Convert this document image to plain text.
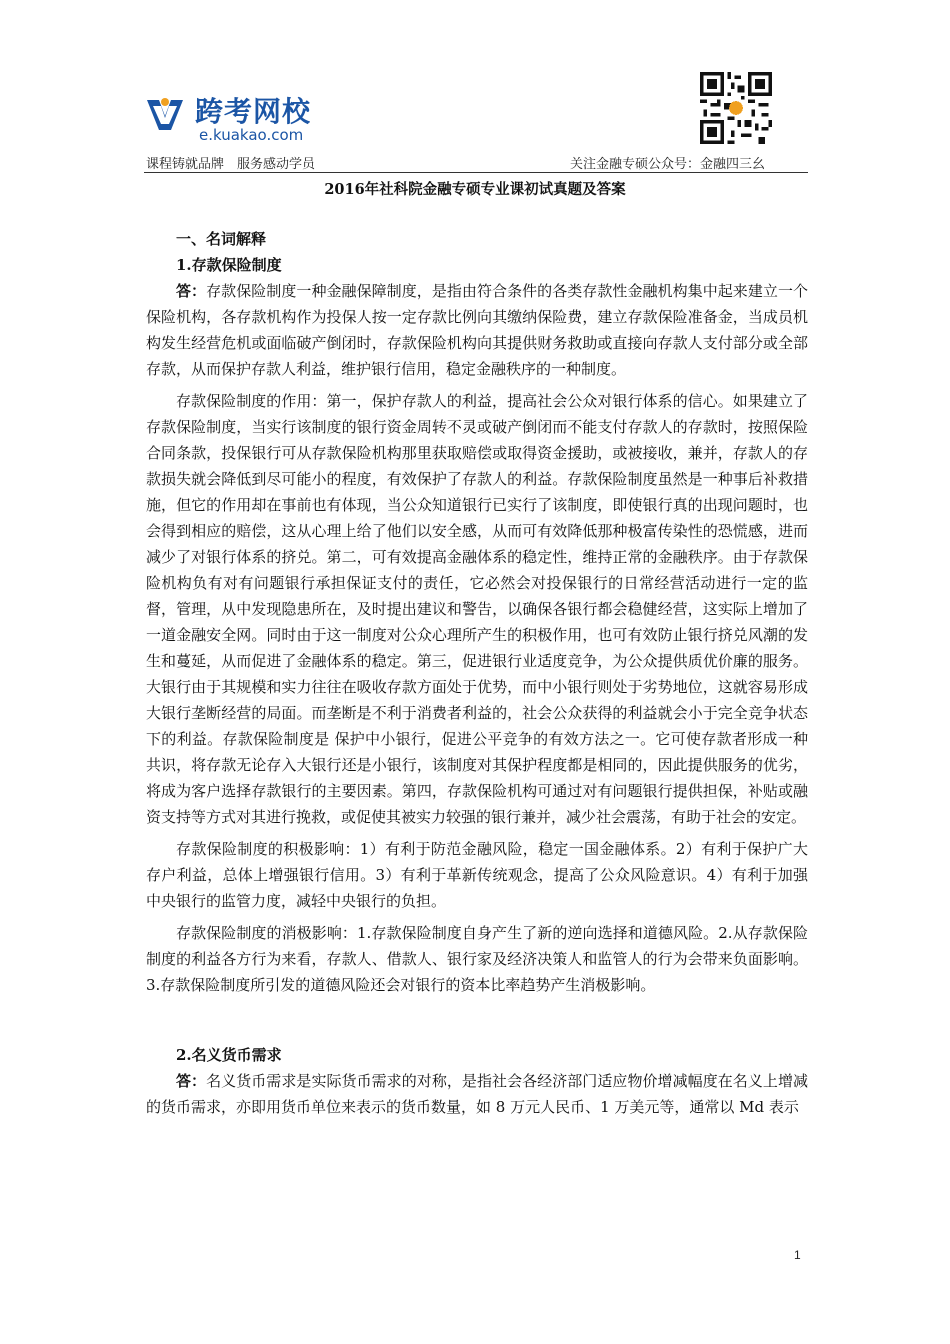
跨考网校
e.kuakao.com
课程铸就品牌　服务感动学员	关注金融专硕公众号：金融四三幺
2016年社科院金融专硕专业课初试真题及答案

一、名词解释

1.存款保险制度

答：存款保险制度一种金融保障制度，是指由符合条件的各类存款性金融机构集中起来建立一个保险机构，各存款机构作为投保人按一定存款比例向其缴纳保险费，建立存款保险准备金，当成员机构发生经营危机或面临破产倒闭时，存款保险机构向其提供财务救助或直接向存款人支付部分或全部存款，从而保护存款人利益，维护银行信用，稳定金融秩序的一种制度。

存款保险制度的作用：第一，保护存款人的利益，提高社会公众对银行体系的信心。如果建立了存款保险制度，当实行该制度的银行资金周转不灵或破产倒闭而不能支付存款人的存款时，按照保险合同条款，投保银行可从存款保险机构那里获取赔偿或取得资金援助，或被接收，兼并，存款人的存款损失就会降低到尽可能小的程度，有效保护了存款人的利益。存款保险制度虽然是一种事后补救措施，但它的作用却在事前也有体现，当公众知道银行已实行了该制度，即使银行真的出现问题时，也会得到相应的赔偿，这从心理上给了他们以安全感，从而可有效降低那种极富传染性的恐慌感，进而减少了对银行体系的挤兑。第二，可有效提高金融体系的稳定性，维持正常的金融秩序。由于存款保险机构负有对有问题银行承担保证支付的责任，它必然会对投保银行的日常经营活动进行一定的监督，管理，从中发现隐患所在，及时提出建议和警告，以确保各银行都会稳健经营，这实际上增加了一道金融安全网。同时由于这一制度对公众心理所产生的积极作用，也可有效防止银行挤兑风潮的发生和蔓延，从而促进了金融体系的稳定。第三，促进银行业适度竞争，为公众提供质优价廉的服务。大银行由于其规模和实力往往在吸收存款方面处于优势，而中小银行则处于劣势地位，这就容易形成大银行垄断经营的局面。而垄断是不利于消费者利益的，社会公众获得的利益就会小于完全竞争状态下的利益。存款保险制度是 保护中小银行，促进公平竞争的有效方法之一。它可使存款者形成一种共识，将存款无论存入大银行还是小银行，该制度对其保护程度都是相同的，因此提供服务的优劣，将成为客户选择存款银行的主要因素。第四，存款保险机构可通过对有问题银行提供担保，补贴或融资支持等方式对其进行挽救，或促使其被实力较强的银行兼并，减少社会震荡，有助于社会的安定。

存款保险制度的积极影响：1）有利于防范金融风险，稳定一国金融体系。2）有利于保护广大存户利益，总体上增强银行信用。3）有利于革新传统观念，提高了公众风险意识。4）有利于加强中央银行的监管力度，减轻中央银行的负担。

存款保险制度的消极影响：1.存款保险制度自身产生了新的逆向选择和道德风险。2.从存款保险制度的利益各方行为来看，存款人、借款人、银行家及经济决策人和监管人的行为会带来负面影响。3.存款保险制度所引发的道德风险还会对银行的资本比率趋势产生消极影响。

2.名义货币需求

答：名义货币需求是实际货币需求的对称，是指社会各经济部门适应物价增减幅度在名义上增减的货币需求，亦即用货币单位来表示的货币数量，如 8 万元人民币、1 万美元等，通常以 Md 表示

1
